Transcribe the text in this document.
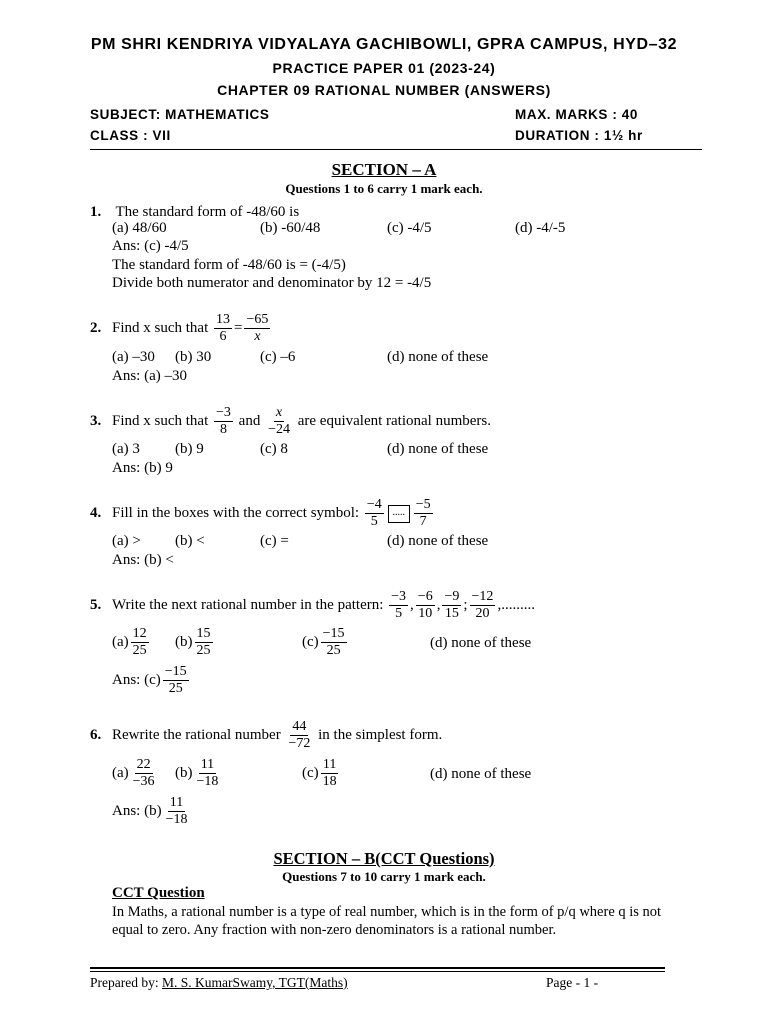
PM SHRI KENDRIYA VIDYALAYA GACHIBOWLI, GPRA CAMPUS, HYD–32
PRACTICE PAPER 01 (2023-24)
CHAPTER 09 RATIONAL NUMBER (ANSWERS)
SUBJECT: MATHEMATICS	MAX. MARKS : 40
CLASS : VII	DURATION : 1½ hr
SECTION – A
Questions 1 to 6 carry 1 mark each.
1. The standard form of -48/60 is
(a) 48/60	(b) -60/48	(c) -4/5	(d) -4/-5
Ans: (c) -4/5
The standard form of -48/60 is = (-4/5)
Divide both numerator and denominator by 12 = -4/5
2. Find x such that $\frac{13}{6} = \frac{-65}{x}$
(a) –30 (b) 30	(c) –6	(d) none of these
Ans: (a) –30
3. Find x such that $\frac{-3}{8}$ and $\frac{x}{-24}$ are equivalent rational numbers.
(a) 3 (b) 9	(c) 8	(d) none of these
Ans: (b) 9
4. Fill in the boxes with the correct symbol: $\frac{-4}{5}$ ..... $\frac{-5}{7}$
(a) > (b) <	(c) =	(d) none of these
Ans: (b) <
5. Write the next rational number in the pattern: $\frac{-3}{5}$ , $\frac{-6}{10}$ , $\frac{-9}{15}$ ; $\frac{-12}{20}$ ,.........
$(a) \frac{12}{25} (b) \frac{15}{25}$	$(c) \frac{-15}{25}$	(d) none of these
Ans: $(c) \frac{-15}{25}$
6. Rewrite the rational number $\frac{44}{-72}$ in the simplest form.
$(a) \frac{22}{-36} (b) \frac{11}{-18}$	$(c) \frac{11}{18}$	(d) none of these
Ans: $(b) \frac{11}{-18}$
SECTION – B(CCT Questions)
Questions 7 to 10 carry 1 mark each.
CCT Question
In Maths, a rational number is a type of real number, which is in the form of p/q where q is not
equal to zero. Any fraction with non-zero denominators is a rational number.
Prepared by: M. S. KumarSwamy, TGT(Maths)	Page - 1 -
